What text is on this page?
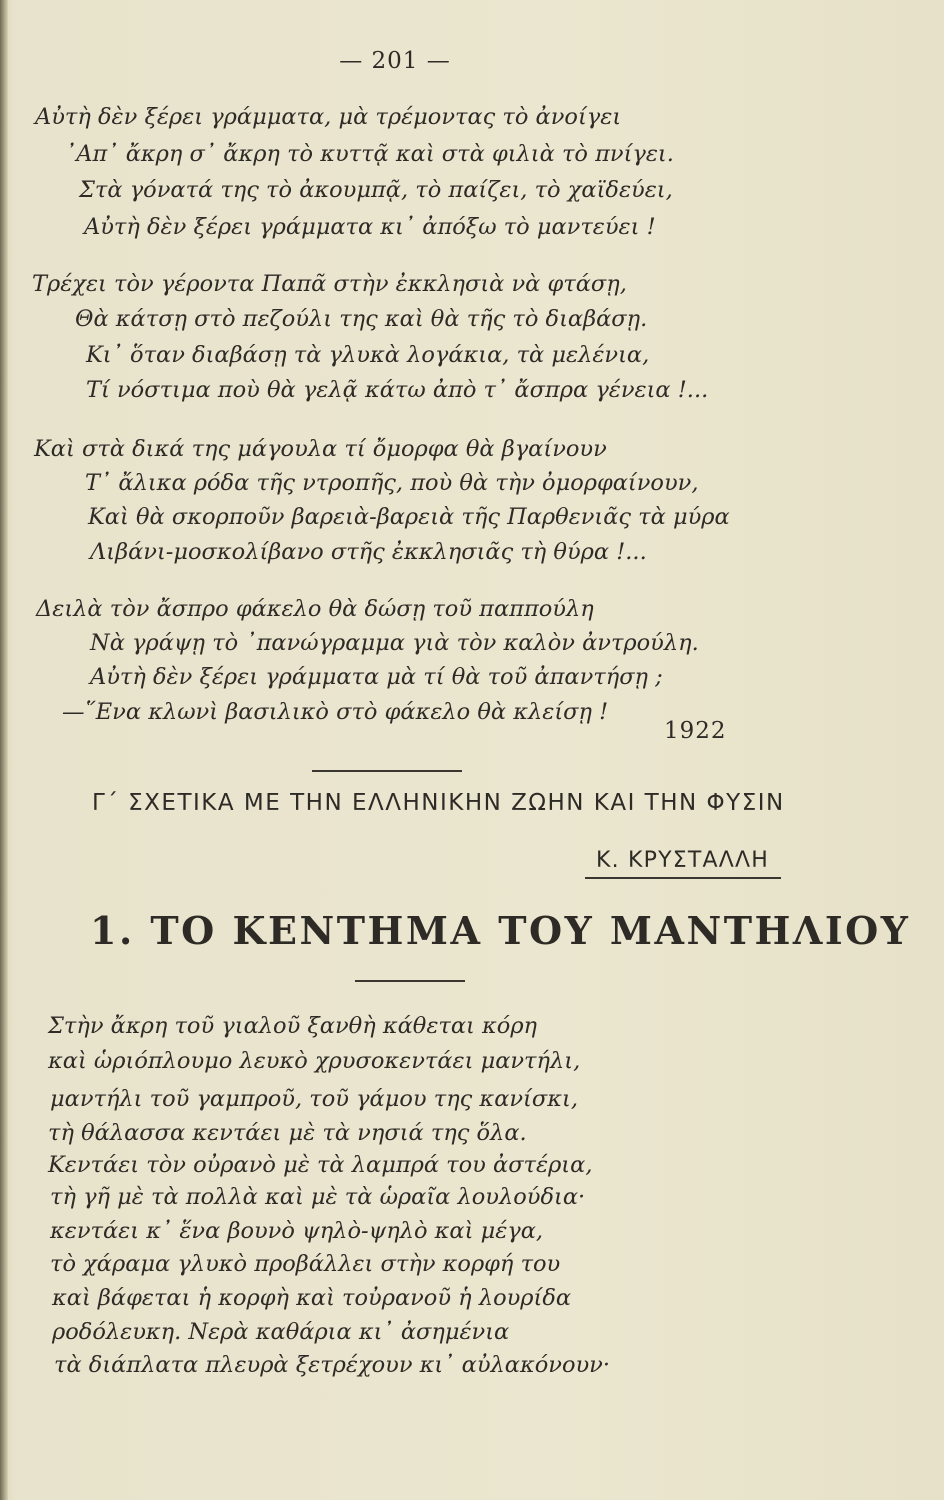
— 201 —
Αὐτὴ δὲν ξέρει γράμματα, μὰ τρέμοντας τὸ ἀνοίγει
᾿Απ᾿ ἄκρη σ᾿ ἄκρη τὸ κυττᾷ καὶ στὰ φιλιὰ τὸ πνίγει.
Στὰ γόνατά της τὸ ἀκουμπᾷ, τὸ παίζει, τὸ χαϊδεύει,
Αὐτὴ δὲν ξέρει γράμματα κι᾿ ἀπόξω τὸ μαντεύει !
Τρέχει τὸν γέροντα Παπᾶ στὴν ἐκκλησιὰ νὰ φτάσῃ,
Θὰ κάτσῃ στὸ πεζούλι της καὶ θὰ τῆς τὸ διαβάσῃ.
Κι᾿ ὅταν διαβάσῃ τὰ γλυκὰ λογάκια, τὰ μελένια,
Τί νόστιμα ποὺ θὰ γελᾷ κάτω ἀπὸ τ᾿ ἄσπρα γένεια !...
Καὶ στὰ δικά της μάγουλα τί ὄμορφα θὰ βγαίνουν
Τ᾿ ἄλικα ρόδα τῆς ντροπῆς, ποὺ θὰ τὴν ὀμορφαίνουν,
Καὶ θὰ σκορποῦν βαρειὰ-βαρειὰ τῆς Παρθενιᾶς τὰ μύρα
Λιβάνι-μοσκολίβανο στῆς ἐκκλησιᾶς τὴ θύρα !...
Δειλὰ τὸν ἄσπρο φάκελο θὰ δώσῃ τοῦ παππούλη
Νὰ γράψῃ τὸ ᾿πανώγραμμα γιὰ τὸν καλὸν ἀντρούλη.
Αὐτὴ δὲν ξέρει γράμματα μὰ τί θὰ τοῦ ἀπαντήσῃ ;
—῞Ενα κλωνὶ βασιλικὸ στὸ φάκελο θὰ κλείσῃ !
1922
Γ΄ ΣΧΕΤΙΚΑ ΜΕ ΤΗΝ ΕΛΛΗΝΙΚΗΝ ΖΩΗΝ ΚΑΙ ΤΗΝ ΦΥΣΙΝ
Κ. ΚΡΥΣΤΑΛΛΗ
1. ΤΟ ΚΕΝΤΗΜΑ ΤΟΥ ΜΑΝΤΗΛΙΟΥ
Στὴν ἄκρη τοῦ γιαλοῦ ξανθὴ κάθεται κόρη
καὶ ὡριόπλουμο λευκὸ χρυσοκεντάει μαντήλι,
μαντήλι τοῦ γαμπροῦ, τοῦ γάμου της κανίσκι,
τὴ θάλασσα κεντάει μὲ τὰ νησιά της ὅλα.
Κεντάει τὸν οὐρανὸ μὲ τὰ λαμπρά του ἀστέρια,
τὴ γῆ μὲ τὰ πολλὰ καὶ μὲ τὰ ὡραῖα λουλούδια·
κεντάει κ᾿ ἕνα βουνὸ ψηλὸ-ψηλὸ καὶ μέγα,
τὸ χάραμα γλυκὸ προβάλλει στὴν κορφή του
καὶ βάφεται ἡ κορφὴ καὶ τοὐρανοῦ ἡ λουρίδα
ροδόλευκη. Νερὰ καθάρια κι᾿ ἀσημένια
τὰ διάπλατα πλευρὰ ξετρέχουν κι᾿ αὐλακόνουν·
